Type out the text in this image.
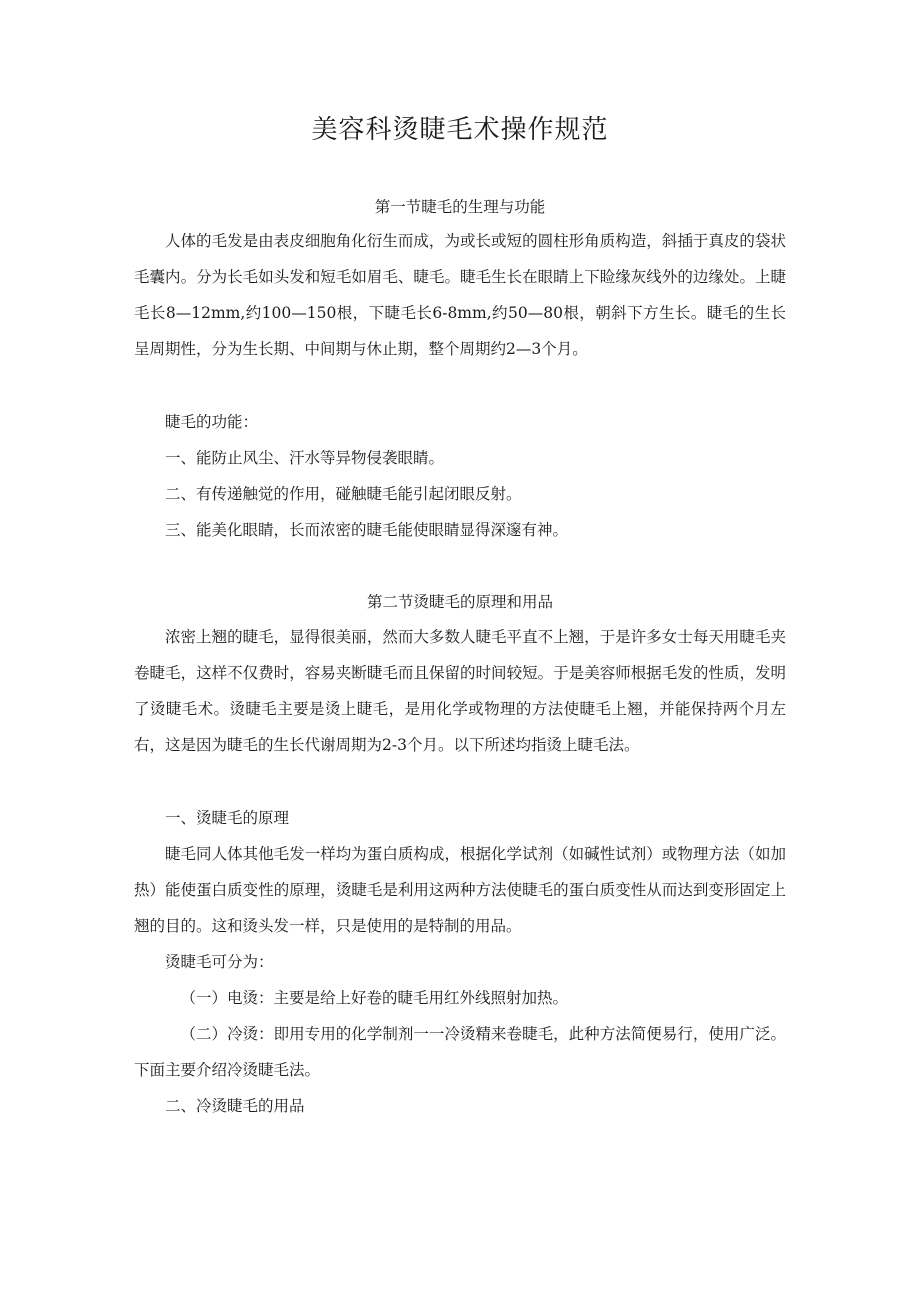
美容科烫睫毛术操作规范
第一节睫毛的生理与功能

人体的毛发是由表皮细胞角化衍生而成，为或长或短的圆柱形角质构造，斜插于真皮的袋状毛囊内。分为长毛如头发和短毛如眉毛、睫毛。睫毛生长在眼睛上下睑缘灰线外的边缘处。上睫毛长8—12mm,约100—150根，下睫毛长6-8mm,约50—80根，朝斜下方生长。睫毛的生长呈周期性，分为生长期、中间期与休止期，整个周期约2—3个月。

睫毛的功能：

一、能防止风尘、汗水等异物侵袭眼睛。

二、有传递触觉的作用，碰触睫毛能引起闭眼反射。

三、能美化眼睛，长而浓密的睫毛能使眼睛显得深邃有神。

第二节烫睫毛的原理和用品

浓密上翘的睫毛，显得很美丽，然而大多数人睫毛平直不上翘，于是许多女士每天用睫毛夹卷睫毛，这样不仅费时，容易夹断睫毛而且保留的时间较短。于是美容师根据毛发的性质，发明了烫睫毛术。烫睫毛主要是烫上睫毛，是用化学或物理的方法使睫毛上翘，并能保持两个月左右，这是因为睫毛的生长代谢周期为2-3个月。以下所述均指烫上睫毛法。

一、烫睫毛的原理

睫毛同人体其他毛发一样均为蛋白质构成，根据化学试剂（如碱性试剂）或物理方法（如加热）能使蛋白质变性的原理，烫睫毛是利用这两种方法使睫毛的蛋白质变性从而达到变形固定上翘的目的。这和烫头发一样，只是使用的是特制的用品。

烫睫毛可分为：

（一）电烫：主要是给上好卷的睫毛用红外线照射加热。

（二）冷烫：即用专用的化学制剂一一冷烫精来卷睫毛，此种方法简便易行，使用广泛。下面主要介绍冷烫睫毛法。

二、冷烫睫毛的用品
